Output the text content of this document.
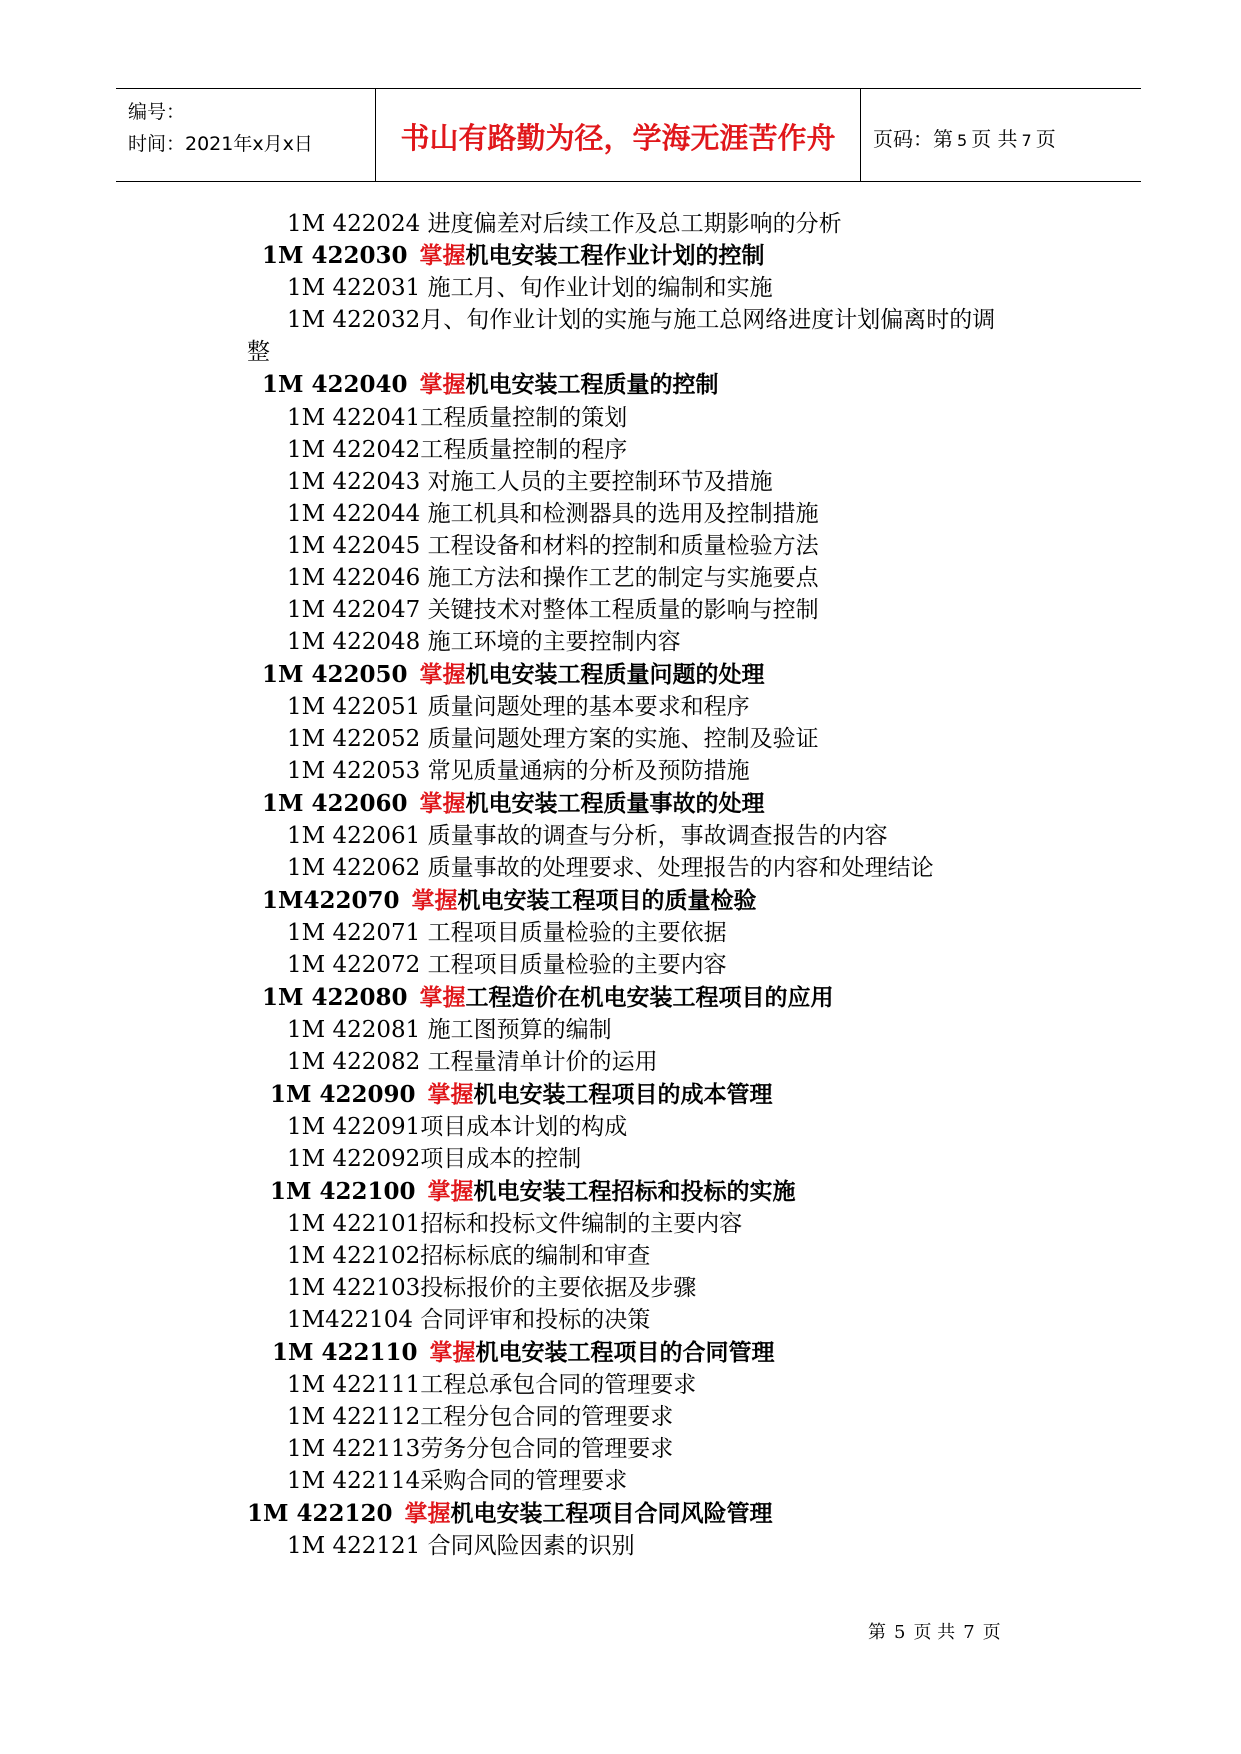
编号：
时间：2021年x月x日	书山有路勤为径，学海无涯苦作舟	页码：第 5 页 共 7 页
1M 422024 进度偏差对后续工作及总工期影响的分析
1M 422030 掌握机电安装工程作业计划的控制
1M 422031 施工月、旬作业计划的编制和实施
1M 422032月、旬作业计划的实施与施工总网络进度计划偏离时的调
整
1M 422040 掌握机电安装工程质量的控制
1M 422041工程质量控制的策划
1M 422042工程质量控制的程序
1M 422043 对施工人员的主要控制环节及措施
1M 422044 施工机具和检测器具的选用及控制措施
1M 422045 工程设备和材料的控制和质量检验方法
1M 422046 施工方法和操作工艺的制定与实施要点
1M 422047 关键技术对整体工程质量的影响与控制
1M 422048 施工环境的主要控制内容
1M 422050 掌握机电安装工程质量问题的处理
1M 422051 质量问题处理的基本要求和程序
1M 422052 质量问题处理方案的实施、控制及验证
1M 422053 常见质量通病的分析及预防措施
1M 422060 掌握机电安装工程质量事故的处理
1M 422061 质量事故的调查与分析，事故调查报告的内容
1M 422062 质量事故的处理要求、处理报告的内容和处理结论
1M422070 掌握机电安装工程项目的质量检验
1M 422071 工程项目质量检验的主要依据
1M 422072 工程项目质量检验的主要内容
1M 422080 掌握工程造价在机电安装工程项目的应用
1M 422081 施工图预算的编制
1M 422082 工程量清单计价的运用
1M 422090 掌握机电安装工程项目的成本管理
1M 422091项目成本计划的构成
1M 422092项目成本的控制
1M 422100 掌握机电安装工程招标和投标的实施
1M 422101招标和投标文件编制的主要内容
1M 422102招标标底的编制和审查
1M 422103投标报价的主要依据及步骤
1M422104 合同评审和投标的决策
1M 422110 掌握机电安装工程项目的合同管理
1M 422111工程总承包合同的管理要求
1M 422112工程分包合同的管理要求
1M 422113劳务分包合同的管理要求
1M 422114采购合同的管理要求
1M 422120 掌握机电安装工程项目合同风险管理
1M 422121 合同风险因素的识别
第 5 页 共 7 页
